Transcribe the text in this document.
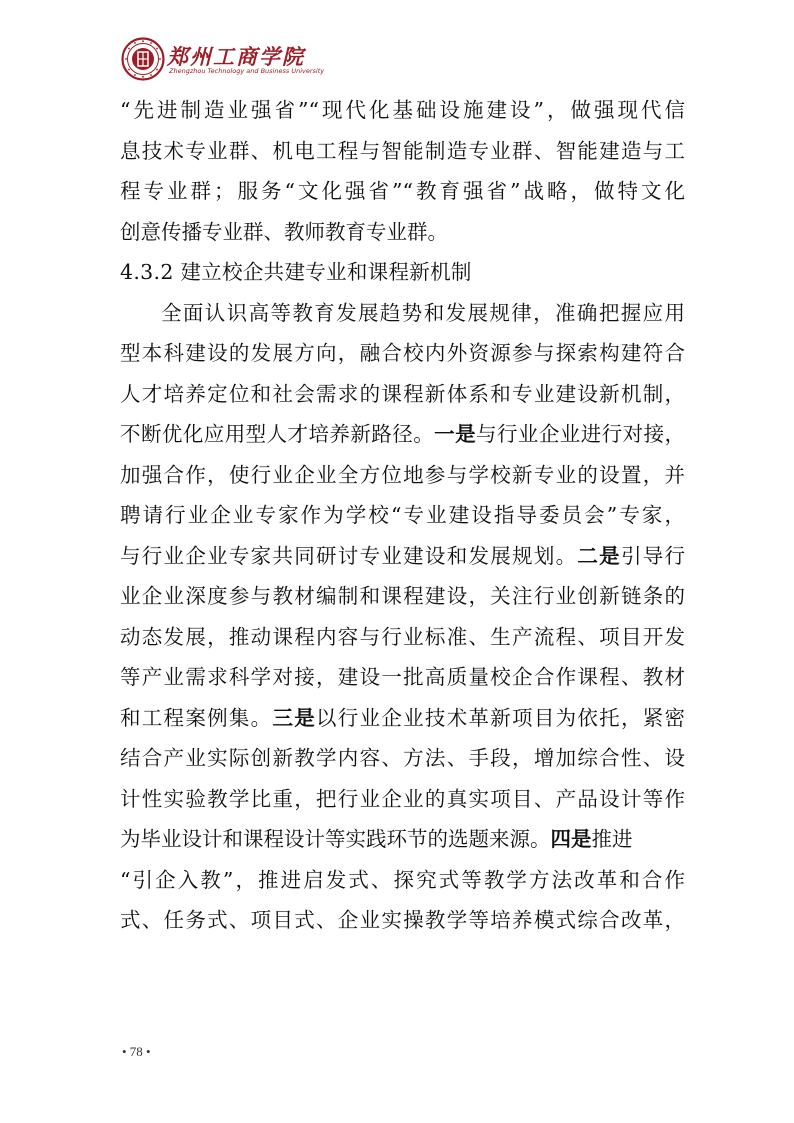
郑州工商学院
Zhengzhou Technology and Business University
“先进制造业强省”“现代化基础设施建设”，做强现代信
息技术专业群、机电工程与智能制造专业群、智能建造与工
程专业群；服务“文化强省”“教育强省”战略，做特文化
创意传播专业群、教师教育专业群。
4.3.2 建立校企共建专业和课程新机制
全面认识高等教育发展趋势和发展规律，准确把握应用
型本科建设的发展方向，融合校内外资源参与探索构建符合
人才培养定位和社会需求的课程新体系和专业建设新机制，
不断优化应用型人才培养新路径。一是与行业企业进行对接，
加强合作，使行业企业全方位地参与学校新专业的设置，并
聘请行业企业专家作为学校“专业建设指导委员会”专家，
与行业企业专家共同研讨专业建设和发展规划。二是引导行
业企业深度参与教材编制和课程建设，关注行业创新链条的
动态发展，推动课程内容与行业标准、生产流程、项目开发
等产业需求科学对接，建设一批高质量校企合作课程、教材
和工程案例集。三是以行业企业技术革新项目为依托，紧密
结合产业实际创新教学内容、方法、手段，增加综合性、设
计性实验教学比重，把行业企业的真实项目、产品设计等作
为毕业设计和课程设计等实践环节的选题来源。四是推进
“引企入教”，推进启发式、探究式等教学方法改革和合作
式、任务式、项目式、企业实操教学等培养模式综合改革，
• 78 •
